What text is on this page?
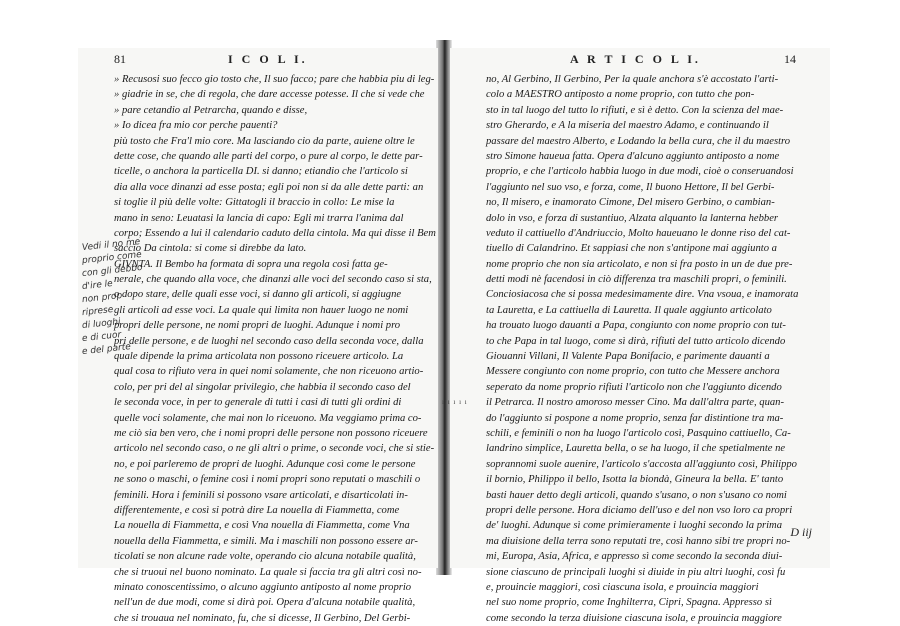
81	I C O L I.
Vedi il no me
proprio come
con gli debbo
d'ire le
non prop
riprese
di luoghi
e di cuor
e del parte
» Recusosi suo fecco gio tosto che, Il suo facco; pare che habbia piu di leg-
» giadrie in se, che di regola, che dare accesse potesse. Il che si vede che
» pare cetandio al Petrarcha, quando e disse,
» Io dicea fra mio cor perche pauenti?
più tosto che Fra'l mio core. Ma lasciando cio da parte, auiene oltre le
dette cose, che quando alle parti del corpo, o pure al corpo, le dette par-
ticelle, o anchora la particella DI. si danno; etiandio che l'articolo si
dia alla voce dinanzi ad esse posta; egli poi non si da alle dette parti: an
si toglie il più delle volte: Gittatogli il braccio in collo: Le mise la
mano in seno: Leuatasi la lancia di capo: Egli mi trarra l'anima dal
corpo; Essendo a lui il calendario caduto della cintola. Ma qui disse il Bem
saccio Da cintola: si come si direbbe da lato.
GIVNTA. Il Bembo ha formata di sopra una regola così fatta ge-
nerale, che quando alla voce, che dinanzi alle voci del secondo caso si sta,
o dopo stare, delle quali esse voci, si danno gli articoli, si aggiugne
gli articoli ad esse voci. La quale qui limita non hauer luogo ne nomi
propri delle persone, ne nomi propri de luoghi. Adunque i nomi pro
pri delle persone, e de luoghi nel secondo caso della seconda voce, dalla
quale dipende la prima articolata non possono riceuere articolo. La
qual cosa to rifiuto vera in quei nomi solamente, che non riceuono artio-
colo, per pri del al singolar privilegio, che habbia il secondo caso del
le seconda voce, in per to generale di tutti i casi di tutti gli ordini di
quelle voci solamente, che mai non lo riceuono. Ma veggiamo prima co-
me ciò sia ben vero, che i nomi propri delle persone non possono riceuere
articolo nel secondo caso, o ne gli altri o prime, o seconde voci, che si stie-
no, e poi parleremo de propri de luoghi. Adunque così come le persone
ne sono o maschi, o femine così i nomi propri sono reputati o maschili o
feminili. Hora i feminili si possono vsare articolati, e disarticolati in-
differentemente, e così si potrà dire La nouella di Fiammetta, come
La nouella di Fiammetta, e così Vna nouella di Fiammetta, come Vna
nouella della Fiammetta, e simili. Ma i maschili non possono essere ar-
ticolati se non alcune rade volte, operando cio alcuna notabile qualità,
che si truoui nel buono nominato. La quale si faccia tra gli altri così no-
minato conoscentissimo, o alcuno aggiunto antiposto al nome proprio
nell'un de due modi, come si dirà poi. Opera d'alcuna notabile qualità,
che si trouaua nel nominato, fu, che si dicesse, Il Gerbino, Del Gerbi-
A R T I C O L I.	14
no, Al Gerbino, Il Gerbino, Per la quale anchora s'è accostato l'arti-
colo a MAESTRO antiposto a nome proprio, con tutto che pon-
sto in tal luogo del tutto lo rifiuti, e sì è detto. Con la scienza del mae-
stro Gherardo, e A la miseria del maestro Adamo, e continuando il
passare del maestro Alberto, e Lodando la bella cura, che il du maestro
stro Simone haueua fatta. Opera d'alcuno aggiunto antiposto a nome
proprio, e che l'articolo habbia luogo in due modi, cioè o conseruandosi
l'aggiunto nel suo vso, e forza, come, Il buono Hettore, Il bel Gerbi-
no, Il misero, e inamorato Cimone, Del misero Gerbino, o cambian-
dolo in vso, e forza di sustantiuo, Alzata alquanto la lanterna hebber
veduto il cattiuello d'Andriuccio, Molto haueuano le donne riso del cat-
tiuello di Calandrino. Et sappiasi che non s'antipone mai aggiunto a
nome proprio che non sia articolato, e non si fra posto in un de due pre-
detti modi nè facendosi in ciò differenza tra maschili propri, o feminili.
Conciosiacosa che si possa medesimamente dire. Vna vsoua, e inamorata
ta Lauretta, e La cattiuella di Lauretta. Il quale aggiunto articolato
ha trouato luogo dauanti a Papa, congiunto con nome proprio con tut-
to che Papa in tal luogo, come sì dirà, rifiuti del tutto articolo dicendo
Giouanni Villani, Il Valente Papa Bonifacio, e parimente dauanti a
Messere congiunto con nome proprio, con tutto che Messere anchora
seperato da nome proprio rifiuti l'articolo non che l'aggiunto dicendo
il Petrarca. Il nostro amoroso messer Cino. Ma dall'altra parte, quan-
do l'aggiunto si pospone a nome proprio, senza far distintione tra ma-
schili, e feminili o non ha luogo l'articolo così, Pasquino cattiuello, Ca-
landrino simplice, Lauretta bella, o se ha luogo, il che spetialmente ne
soprannomi suole auenire, l'articolo s'accosta all'aggiunto così, Philippo
il bornio, Philippo il bello, Isotta la biondà, Gineura la bella. E' tanto
basti hauer detto degli articoli, quando s'usano, o non s'usano co nomi
propri delle persone. Hora diciamo dell'uso e del non vso loro ca propri
de' luoghi. Adunque sì come primieramente i luoghi secondo la prima
ma diuisione della terra sono reputati tre, così hanno sibi tre propri no-
mi, Europa, Asia, Africa, e appresso sì come secondo la seconda diui-
sione ciascuno de principali luoghi si diuide in piu altri luoghi, così fu
e, prouincie maggiori, così ciascuna isola, e prouincia maggiori
nel suo nome proprio, come Inghilterra, Cipri, Spagna. Appresso sì
come secondo la terza diuisione ciascuna isola, e prouincia maggiore
D iij
ı ı ı ı ı
